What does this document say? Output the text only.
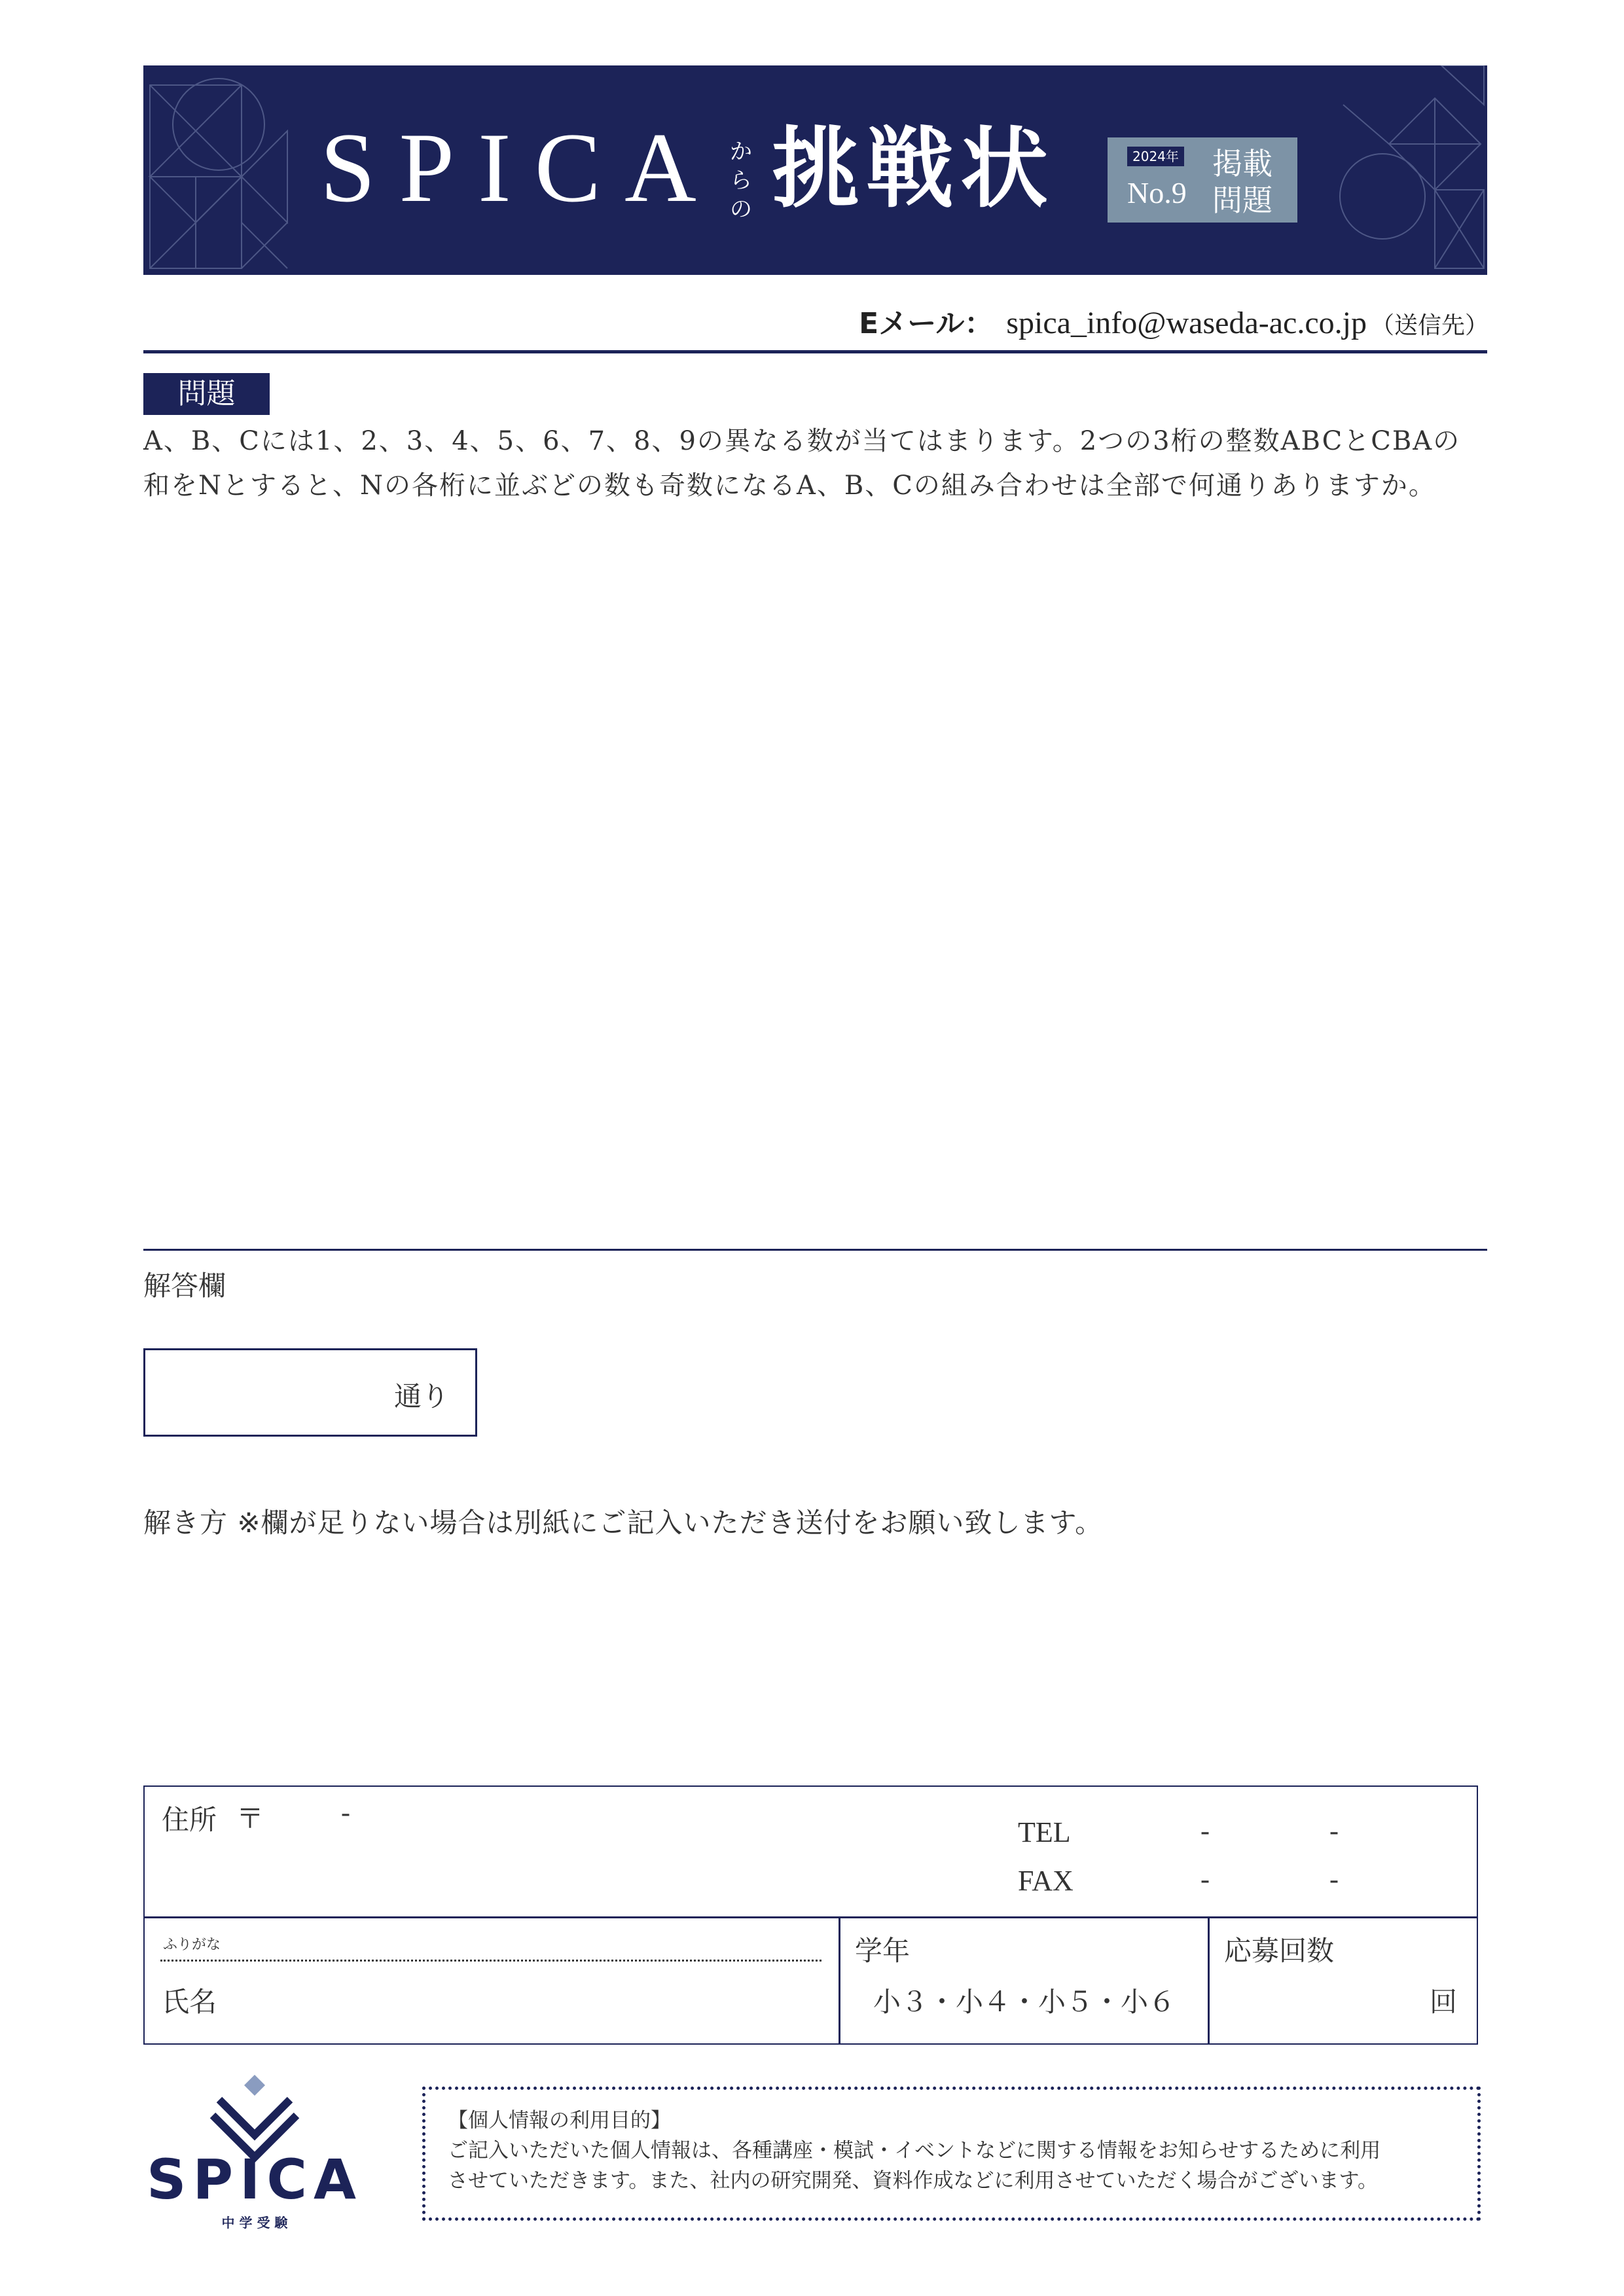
SPICA からの 挑戦状	2024年
No.9
掲載
問題
Eメール： spica_info@waseda-ac.co.jp （送信先）
問題
A、B、Cには1、2、3、4、5、6、7、8、9の異なる数が当てはまります。2つの3桁の整数ABCとCBAの
和をNとすると、Nの各桁に並ぶどの数も奇数になるA、B、Cの組み合わせは全部で何通りありますか。
解答欄
通り
解き方 ※欄が足りない場合は別紙にご記入いただき送付をお願い致します。
住所 〒	-
TEL	-	-
FAX	-	-
ふりがな
氏名
学年
小３・小４・小５・小６
応募回数
回
SPICA
中 学 受 験
【個人情報の利用目的】
ご記入いただいた個人情報は、各種講座・模試・イベントなどに関する情報をお知らせするために利用
させていただきます。また、社内の研究開発、資料作成などに利用させていただく場合がございます。
